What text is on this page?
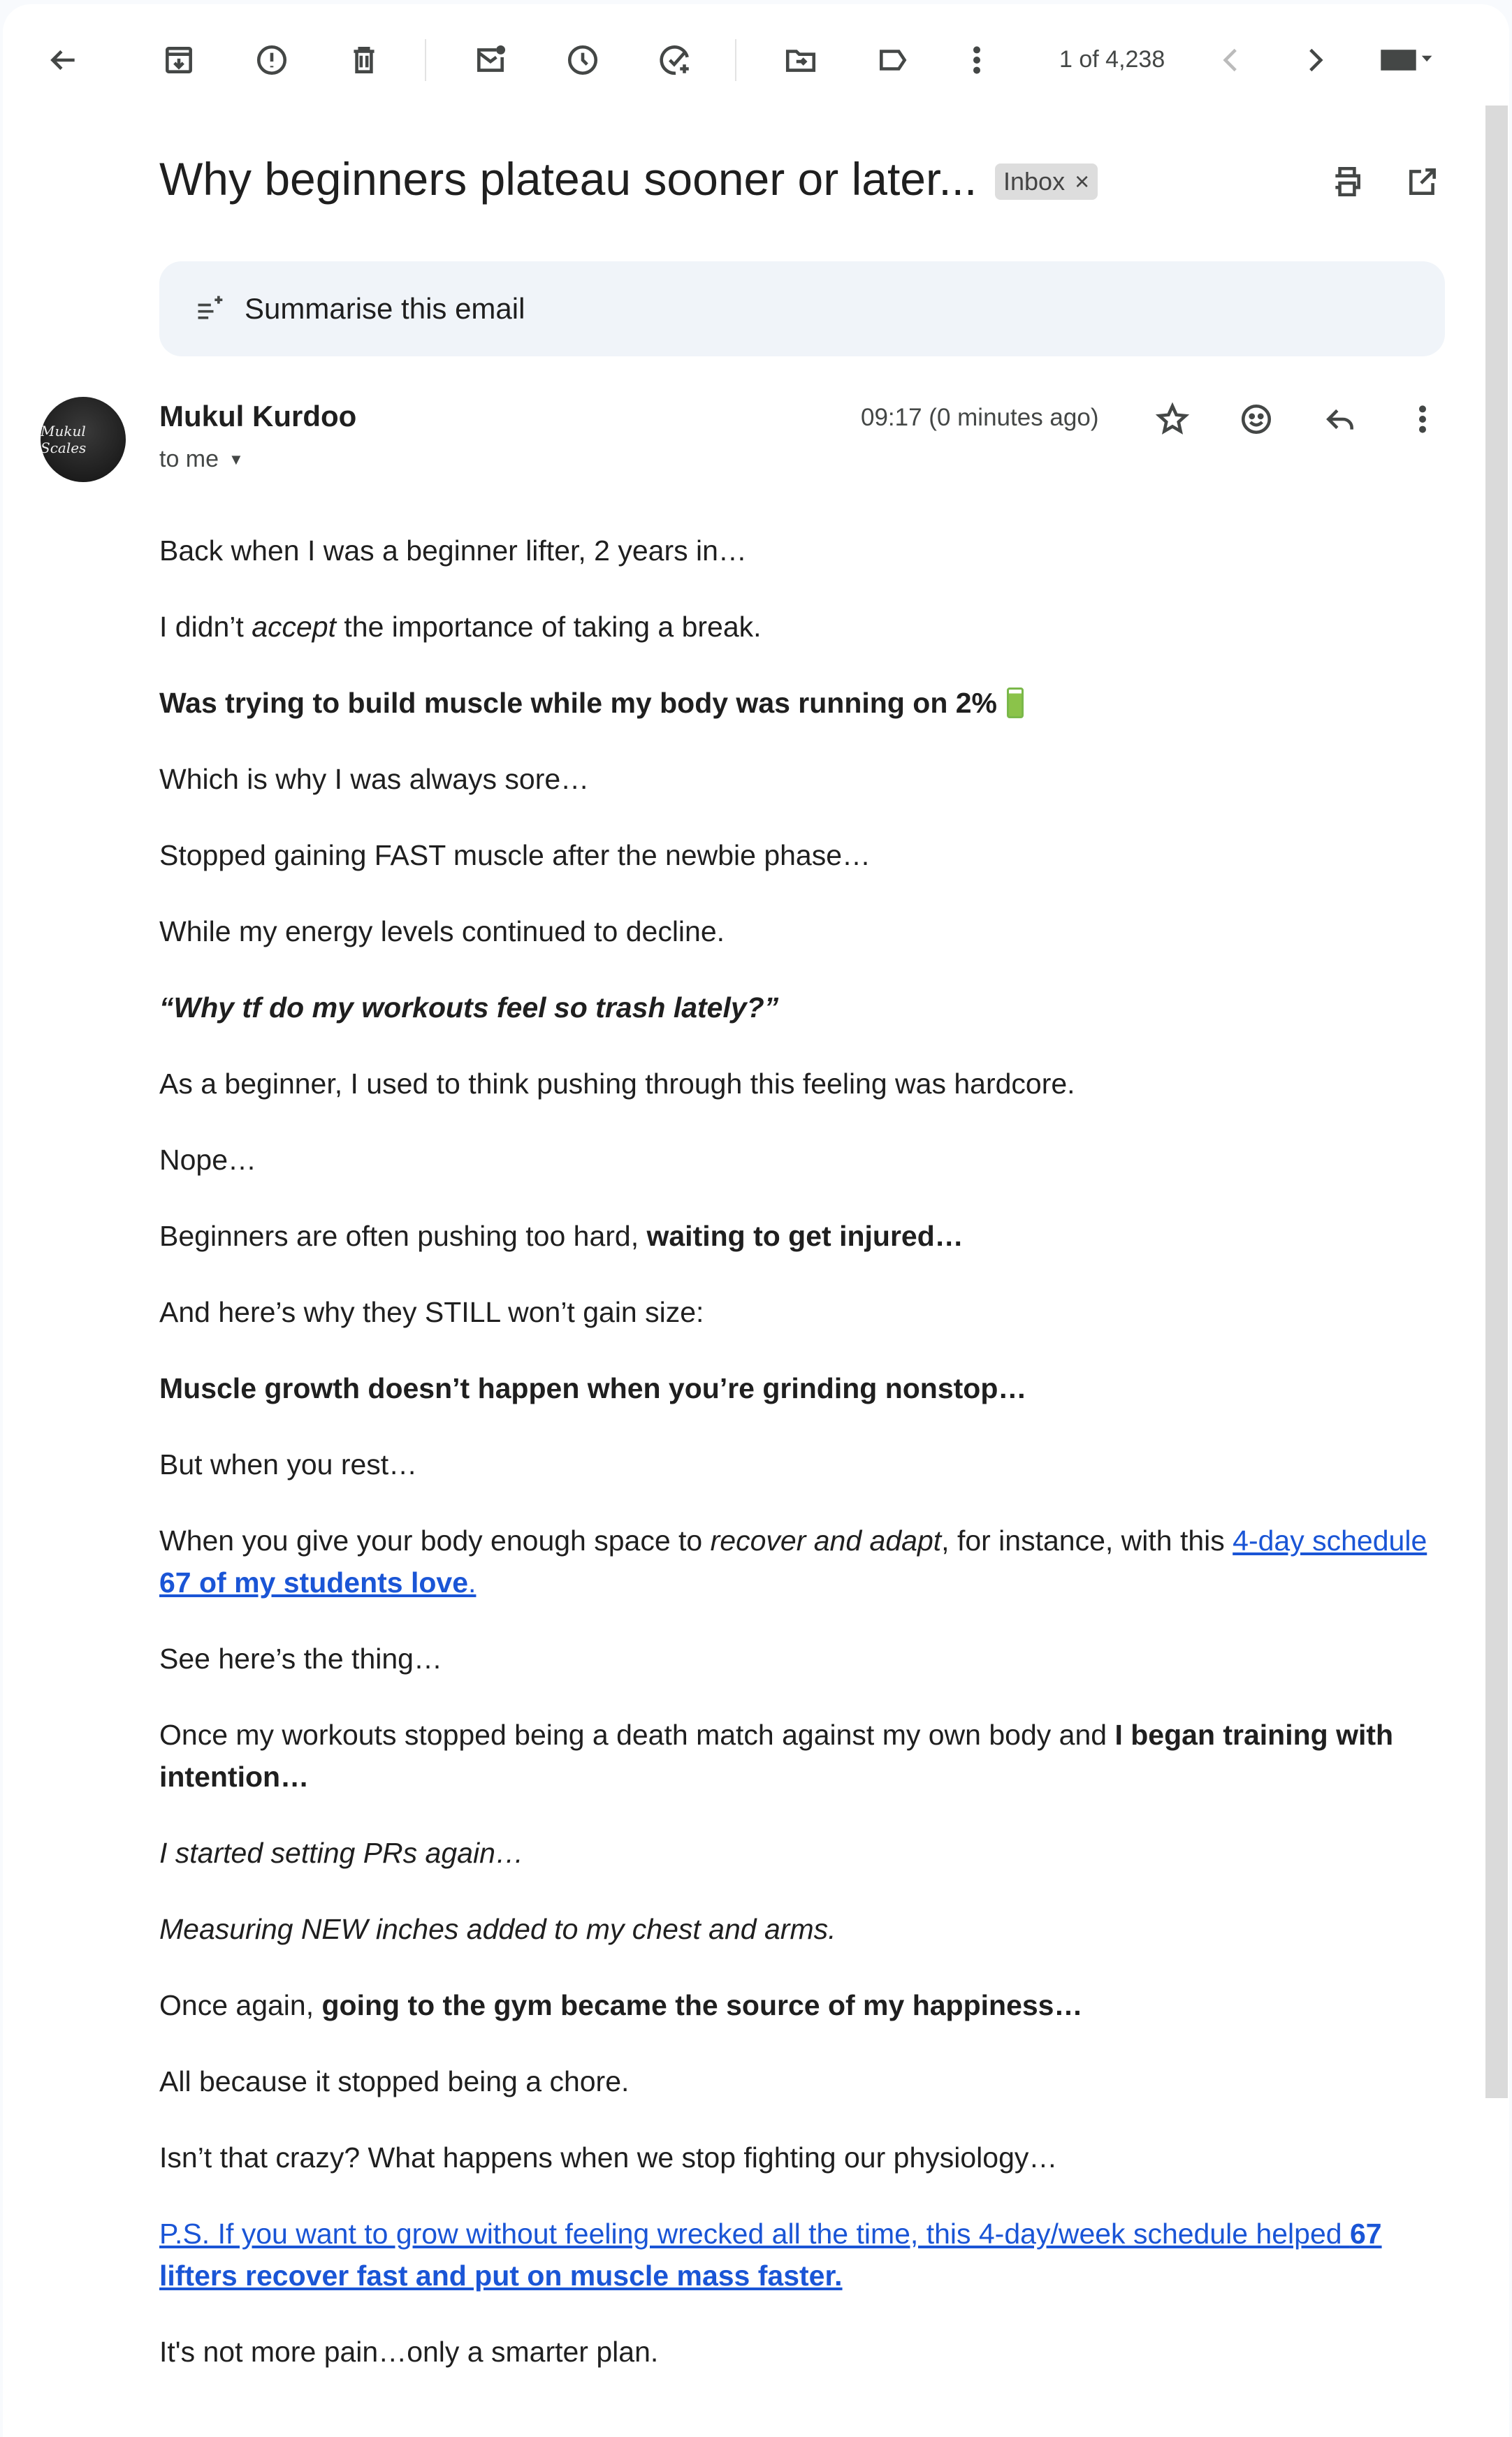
1 of 4,238
Why beginners plateau sooner or later... Inbox ×
Summarise this email
Mukul Scales
Mukul Kurdoo
to me ▼
09:17 (0 minutes ago)

Back when I was a beginner lifter, 2 years in…

I didn’t accept the importance of taking a break.

Was trying to build muscle while my body was running on 2%

Which is why I was always sore…

Stopped gaining FAST muscle after the newbie phase…

While my energy levels continued to decline.

“Why tf do my workouts feel so trash lately?”

As a beginner, I used to think pushing through this feeling was hardcore.

Nope…

Beginners are often pushing too hard, waiting to get injured…

And here’s why they STILL won’t gain size:

Muscle growth doesn’t happen when you’re grinding nonstop…

But when you rest…

When you give your body enough space to recover and adapt, for instance, with this 4-day schedule 67 of my students love.

See here’s the thing…

Once my workouts stopped being a death match against my own body and I began training with intention…

I started setting PRs again…

Measuring NEW inches added to my chest and arms.

Once again, going to the gym became the source of my happiness…

All because it stopped being a chore.

Isn’t that crazy? What happens when we stop fighting our physiology…

P.S. If you want to grow without feeling wrecked all the time, this 4-day/week schedule helped 67 lifters recover fast and put on muscle mass faster.

It's not more pain…only a smarter plan.
